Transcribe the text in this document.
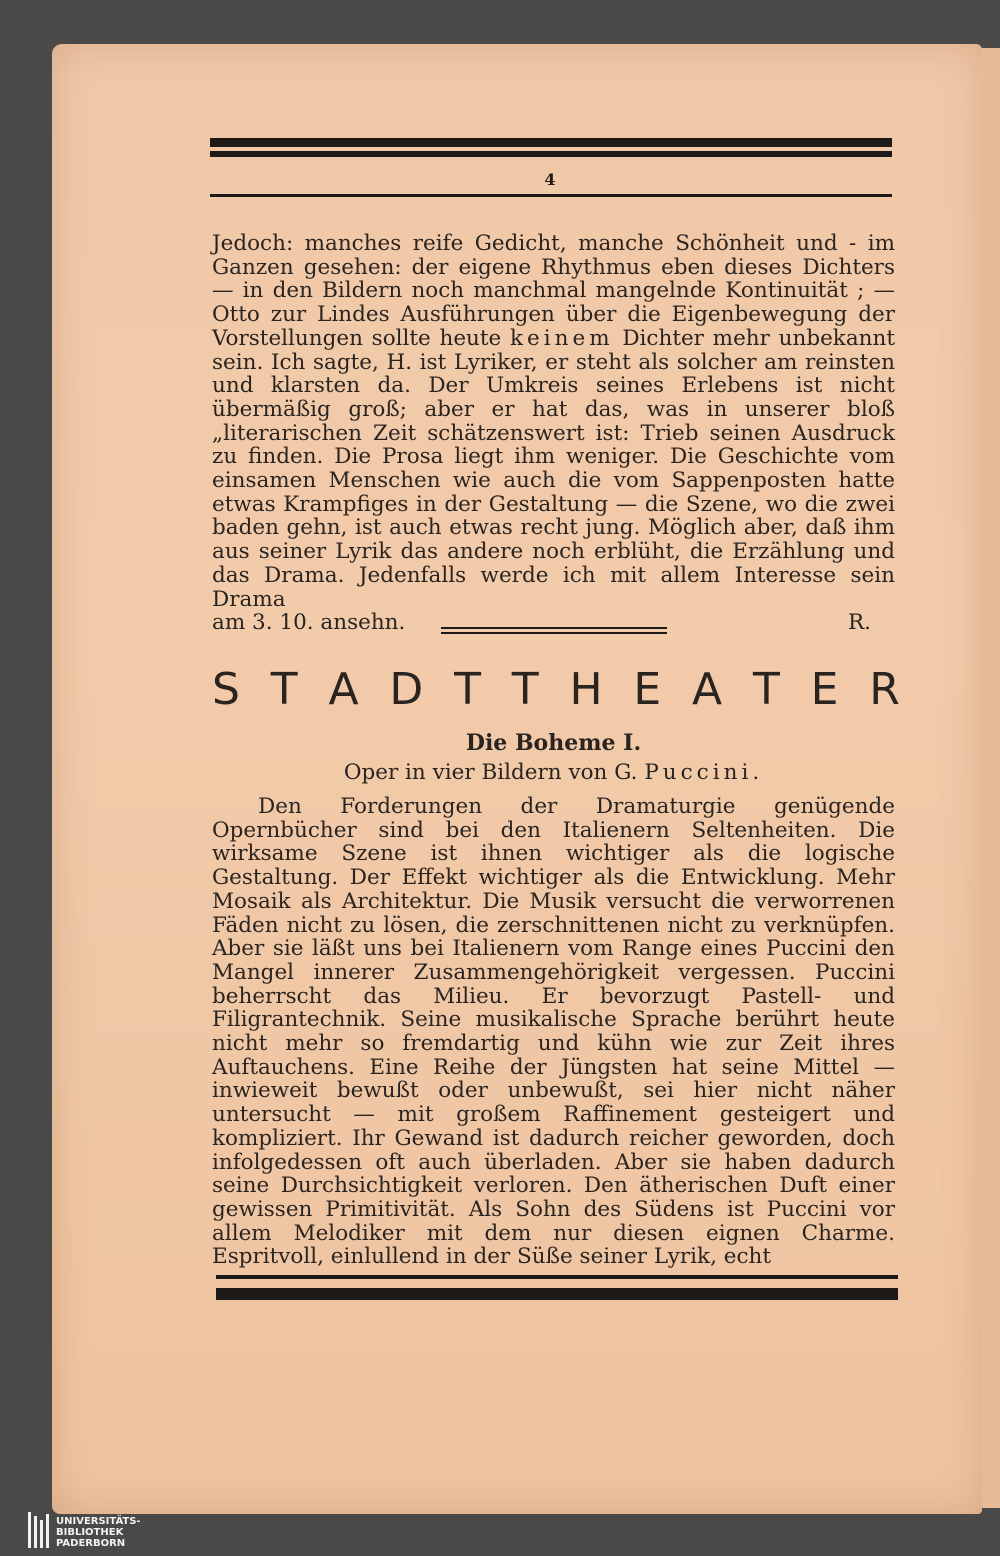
4

Jedoch: manches reife Gedicht, manche Schönheit und - im Ganzen gesehen: der eigene Rhythmus eben dieses Dichters — in den Bildern noch manchmal mangelnde Kontinuität ; — Otto zur Lindes Ausführungen über die Eigenbewegung der Vorstellungen sollte heute keinem Dichter mehr unbekannt sein. Ich sagte, H. ist Lyriker, er steht als solcher am reinsten und klarsten da. Der Umkreis seines Erlebens ist nicht übermäßig groß; aber er hat das, was in unserer bloß „literarischen Zeit schätzenswert ist: Trieb seinen Ausdruck zu finden. Die Prosa liegt ihm weniger. Die Geschichte vom einsamen Menschen wie auch die vom Sappenposten hatte etwas Krampfiges in der Gestaltung — die Szene, wo die zwei baden gehn, ist auch etwas recht jung. Möglich aber, daß ihm aus seiner Lyrik das andere noch erblüht, die Erzählung und das Drama. Jedenfalls werde ich mit allem Interesse sein Drama

am 3. 10. ansehn.	R.
S T A D T T H E A T E R
Die Boheme I.
Oper in vier Bildern von G. Puccini.
Den Forderungen der Dramaturgie genügende Opernbücher sind bei den Italienern Seltenheiten. Die wirksame Szene ist ihnen wichtiger als die logische Gestaltung. Der Effekt wichtiger als die Entwicklung. Mehr Mosaik als Architektur. Die Musik versucht die verworrenen Fäden nicht zu lösen, die zerschnittenen nicht zu verknüpfen. Aber sie läßt uns bei Italienern vom Range eines Puccini den Mangel innerer Zusammengehörigkeit vergessen. Puccini beherrscht das Milieu. Er bevorzugt Pastell- und Filigrantechnik. Seine musikalische Sprache berührt heute nicht mehr so fremdartig und kühn wie zur Zeit ihres Auftauchens. Eine Reihe der Jüngsten hat seine Mittel — inwieweit bewußt oder unbewußt, sei hier nicht näher untersucht — mit großem Raffinement gesteigert und kompliziert. Ihr Gewand ist dadurch reicher geworden, doch infolgedessen oft auch überladen. Aber sie haben dadurch seine Durchsichtigkeit verloren. Den ätherischen Duft einer gewissen Primitivität. Als Sohn des Südens ist Puccini vor allem Melodiker mit dem nur diesen eignen Charme. Espritvoll, einlullend in der Süße seiner Lyrik, echt
UNIVERSITÄTS-
BIBLIOTHEK
PADERBORN
